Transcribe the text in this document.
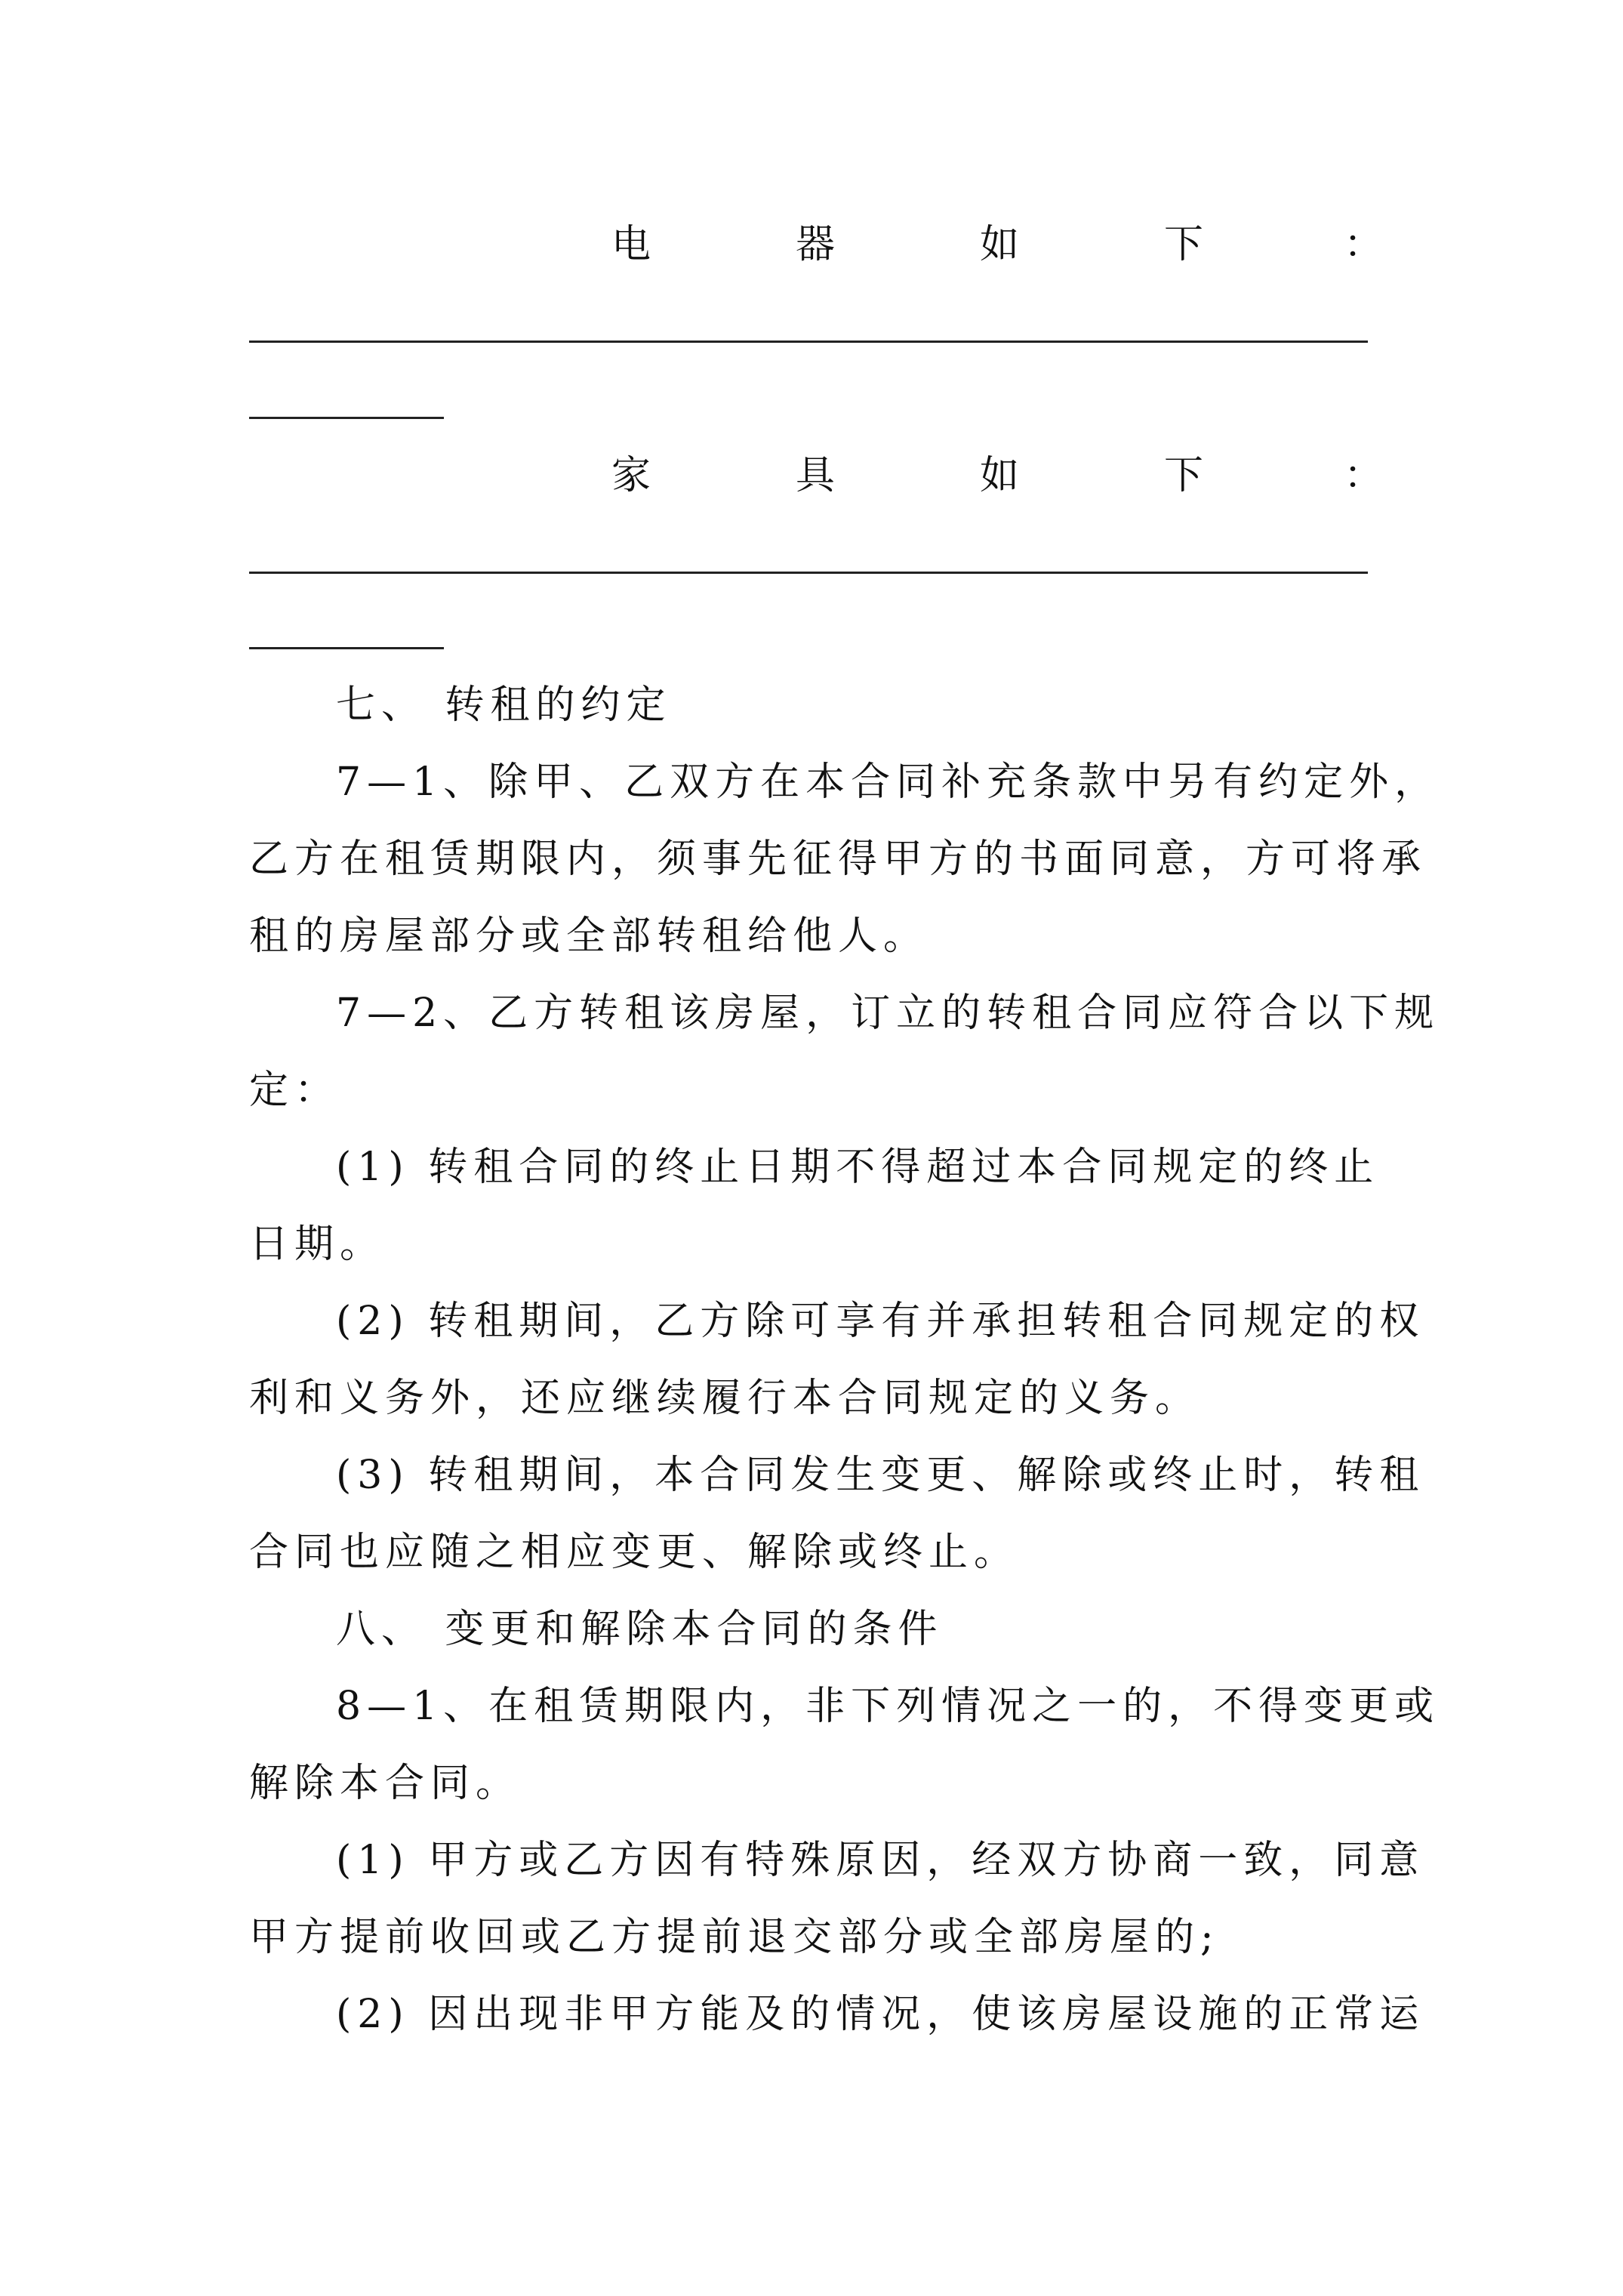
电	器	如	下	：
家	具	如	下	：
七、 转租的约定
7—1、除甲、乙双方在本合同补充条款中另有约定外，
乙方在租赁期限内，须事先征得甲方的书面同意，方可将承
租的房屋部分或全部转租给他人。
7—2、乙方转租该房屋，订立的转租合同应符合以下规
定：
(1) 转租合同的终止日期不得超过本合同规定的终止
日期。
(2) 转租期间，乙方除可享有并承担转租合同规定的权
利和义务外，还应继续履行本合同规定的义务。
(3) 转租期间，本合同发生变更、解除或终止时，转租
合同也应随之相应变更、解除或终止。
八、 变更和解除本合同的条件
8—1、在租赁期限内，非下列情况之一的，不得变更或
解除本合同。
(1) 甲方或乙方因有特殊原因，经双方协商一致，同意
甲方提前收回或乙方提前退交部分或全部房屋的;
(2) 因出现非甲方能及的情况，使该房屋设施的正常运
